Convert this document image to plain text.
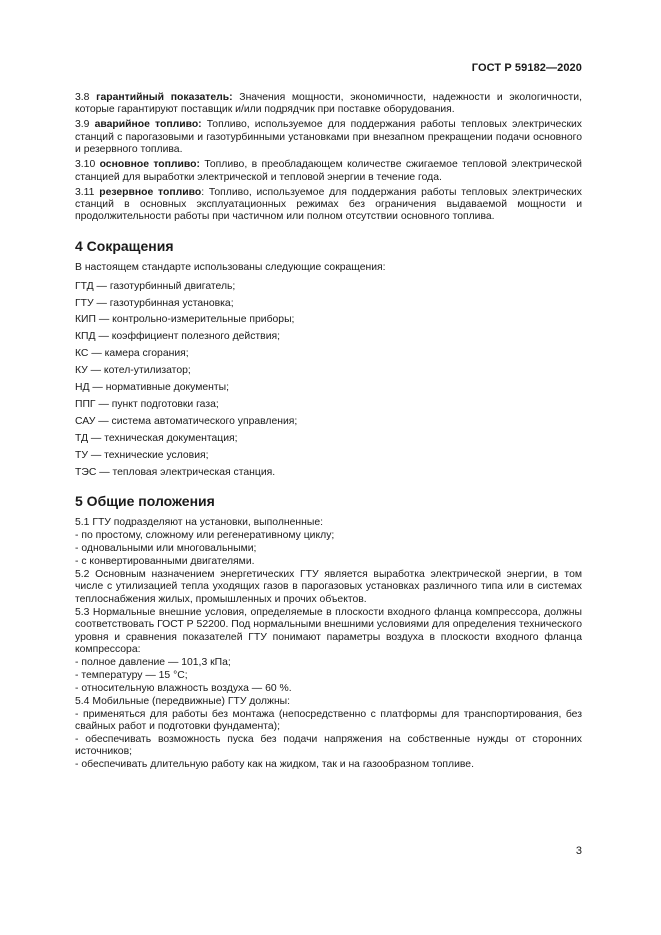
ГОСТ Р 59182—2020

3.8 гарантийный показатель: Значения мощности, экономичности, надежности и экологичности, которые гарантируют поставщик и/или подрядчик при поставке оборудования.

3.9 аварийное топливо: Топливо, используемое для поддержания работы тепловых электрических станций с парогазовыми и газотурбинными установками при внезапном прекращении подачи основного и резервного топлива.

3.10 основное топливо: Топливо, в преобладающем количестве сжигаемое тепловой электрической станцией для выработки электрической и тепловой энергии в течение года.

3.11 резервное топливо: Топливо, используемое для поддержания работы тепловых электрических станций в основных эксплуатационных режимах без ограничения выдаваемой мощности и продолжительности работы при частичном или полном отсутствии основного топлива.

4 Сокращения

В настоящем стандарте использованы следующие сокращения:

ГТД — газотурбинный двигатель;

ГТУ — газотурбинная установка;

КИП — контрольно-измерительные приборы;

КПД — коэффициент полезного действия;

КС — камера сгорания;

КУ — котел-утилизатор;

НД — нормативные документы;

ППГ — пункт подготовки газа;

САУ — система автоматического управления;

ТД — техническая документация;

ТУ — технические условия;

ТЭС — тепловая электрическая станция.

5 Общие положения

5.1 ГТУ подразделяют на установки, выполненные:

- по простому, сложному или регенеративному циклу;

- одновальными или многовальными;

- с конвертированными двигателями.

5.2 Основным назначением энергетических ГТУ является выработка электрической энергии, в том числе с утилизацией тепла уходящих газов в парогазовых установках различного типа или в системах теплоснабжения жилых, промышленных и прочих объектов.

5.3 Нормальные внешние условия, определяемые в плоскости входного фланца компрессора, должны соответствовать ГОСТ Р 52200. Под нормальными внешними условиями для определения технического уровня и сравнения показателей ГТУ понимают параметры воздуха в плоскости входного фланца компрессора:

- полное давление — 101,3 кПа;

- температуру — 15 °С;

- относительную влажность воздуха — 60 %.

5.4 Мобильные (передвижные) ГТУ должны:

- применяться для работы без монтажа (непосредственно с платформы для транспортирования, без свайных работ и подготовки фундамента);

- обеспечивать возможность пуска без подачи напряжения на собственные нужды от сторонних источников;

- обеспечивать длительную работу как на жидком, так и на газообразном топливе.

3
